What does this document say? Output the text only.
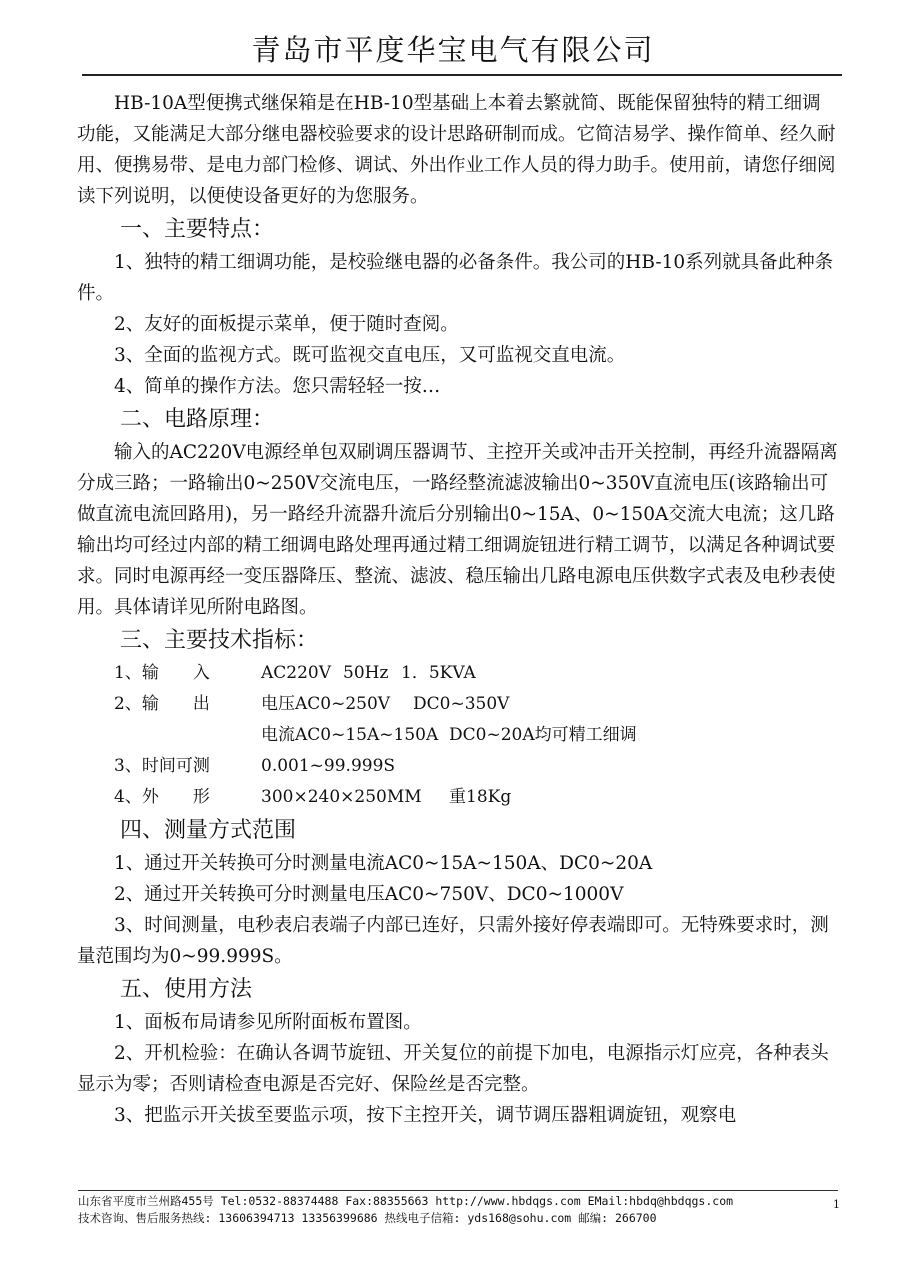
青岛市平度华宝电气有限公司

HB-10A型便携式继保箱是在HB-10型基础上本着去繁就简、既能保留独特的精工细调功能，又能满足大部分继电器校验要求的设计思路研制而成。它简洁易学、操作简单、经久耐用、便携易带、是电力部门检修、调试、外出作业工作人员的得力助手。使用前，请您仔细阅读下列说明，以便使设备更好的为您服务。

一、主要特点：

1、独特的精工细调功能，是校验继电器的必备条件。我公司的HB-10系列就具备此种条件。

2、友好的面板提示菜单，便于随时查阅。

3、全面的监视方式。既可监视交直电压，又可监视交直电流。

4、简单的操作方法。您只需轻轻一按…

二、电路原理：

输入的AC220V电源经单包双刷调压器调节、主控开关或冲击开关控制，再经升流器隔离分成三路；一路输出0~250V交流电压，一路经整流滤波输出0~350V直流电压(该路输出可做直流电流回路用)，另一路经升流器升流后分别输出0~15A、0~150A交流大电流；这几路输出均可经过内部的精工细调电路处理再通过精工细调旋钮进行精工调节，以满足各种调试要求。同时电源再经一变压器降压、整流、滤波、稳压输出几路电源电压供数字式表及电秒表使用。具体请详见所附电路图。

三、主要技术指标：
1、输　　入	AC220V 50Hz 1．5KVA
2、输　　出	电压AC0~250V DC0~350V
电流AC0~15A~150A DC0~20A均可精工细调
3、时间可测	0.001~99.999S
4、外　　形	300×240×250MM 重18Kg
四、测量方式范围

1、通过开关转换可分时测量电流AC0~15A~150A、DC0~20A

2、通过开关转换可分时测量电压AC0~750V、DC0~1000V

3、时间测量，电秒表启表端子内部已连好，只需外接好停表端即可。无特殊要求时，测量范围均为0~99.999S。

五、使用方法

1、面板布局请参见所附面板布置图。

2、开机检验：在确认各调节旋钮、开关复位的前提下加电，电源指示灯应亮，各种表头显示为零；否则请检查电源是否完好、保险丝是否完整。

3、把监示开关拔至要监示项，按下主控开关，调节调压器粗调旋钮，观察电

山东省平度市兰州路455号 Tel:0532-88374488 Fax:88355663 http://www.hbdqgs.com EMail:hbdq@hbdqgs.com
技术咨询、售后服务热线: 13606394713 13356399686 热线电子信箱: yds168@sohu.com 邮编: 266700
1
